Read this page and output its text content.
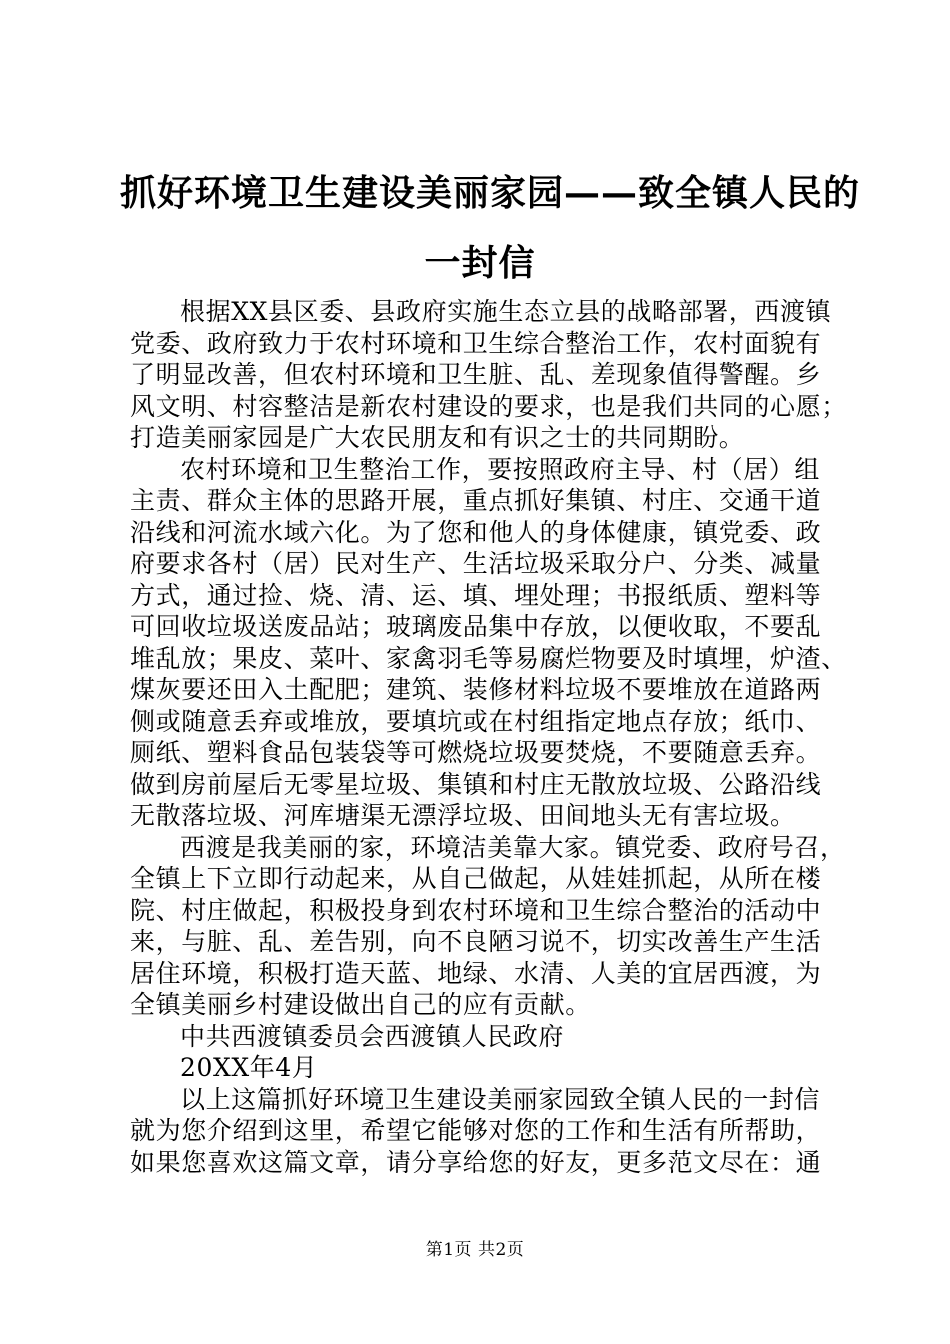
抓好环境卫生建设美丽家园——致全镇人民的
一封信
根据XX县区委、县政府实施生态立县的战略部署，西渡镇
党委、政府致力于农村环境和卫生综合整治工作，农村面貌有
了明显改善，但农村环境和卫生脏、乱、差现象值得警醒。乡
风文明、村容整洁是新农村建设的要求，也是我们共同的心愿；
打造美丽家园是广大农民朋友和有识之士的共同期盼。
农村环境和卫生整治工作，要按照政府主导、村（居）组
主责、群众主体的思路开展，重点抓好集镇、村庄、交通干道
沿线和河流水域六化。为了您和他人的身体健康，镇党委、政
府要求各村（居）民对生产、生活垃圾采取分户、分类、减量
方式，通过捡、烧、清、运、填、埋处理；书报纸质、塑料等
可回收垃圾送废品站；玻璃废品集中存放，以便收取，不要乱
堆乱放；果皮、菜叶、家禽羽毛等易腐烂物要及时填埋，炉渣、
煤灰要还田入土配肥；建筑、装修材料垃圾不要堆放在道路两
侧或随意丢弃或堆放，要填坑或在村组指定地点存放；纸巾、
厕纸、塑料食品包装袋等可燃烧垃圾要焚烧，不要随意丢弃。
做到房前屋后无零星垃圾、集镇和村庄无散放垃圾、公路沿线
无散落垃圾、河库塘渠无漂浮垃圾、田间地头无有害垃圾。
西渡是我美丽的家，环境洁美靠大家。镇党委、政府号召，
全镇上下立即行动起来，从自己做起，从娃娃抓起，从所在楼
院、村庄做起，积极投身到农村环境和卫生综合整治的活动中
来，与脏、乱、差告别，向不良陋习说不，切实改善生产生活
居住环境，积极打造天蓝、地绿、水清、人美的宜居西渡，为
全镇美丽乡村建设做出自己的应有贡献。
中共西渡镇委员会西渡镇人民政府
20XX年4月
以上这篇抓好环境卫生建设美丽家园致全镇人民的一封信
就为您介绍到这里，希望它能够对您的工作和生活有所帮助，
如果您喜欢这篇文章，请分享给您的好友，更多范文尽在：通
第1页 共2页
